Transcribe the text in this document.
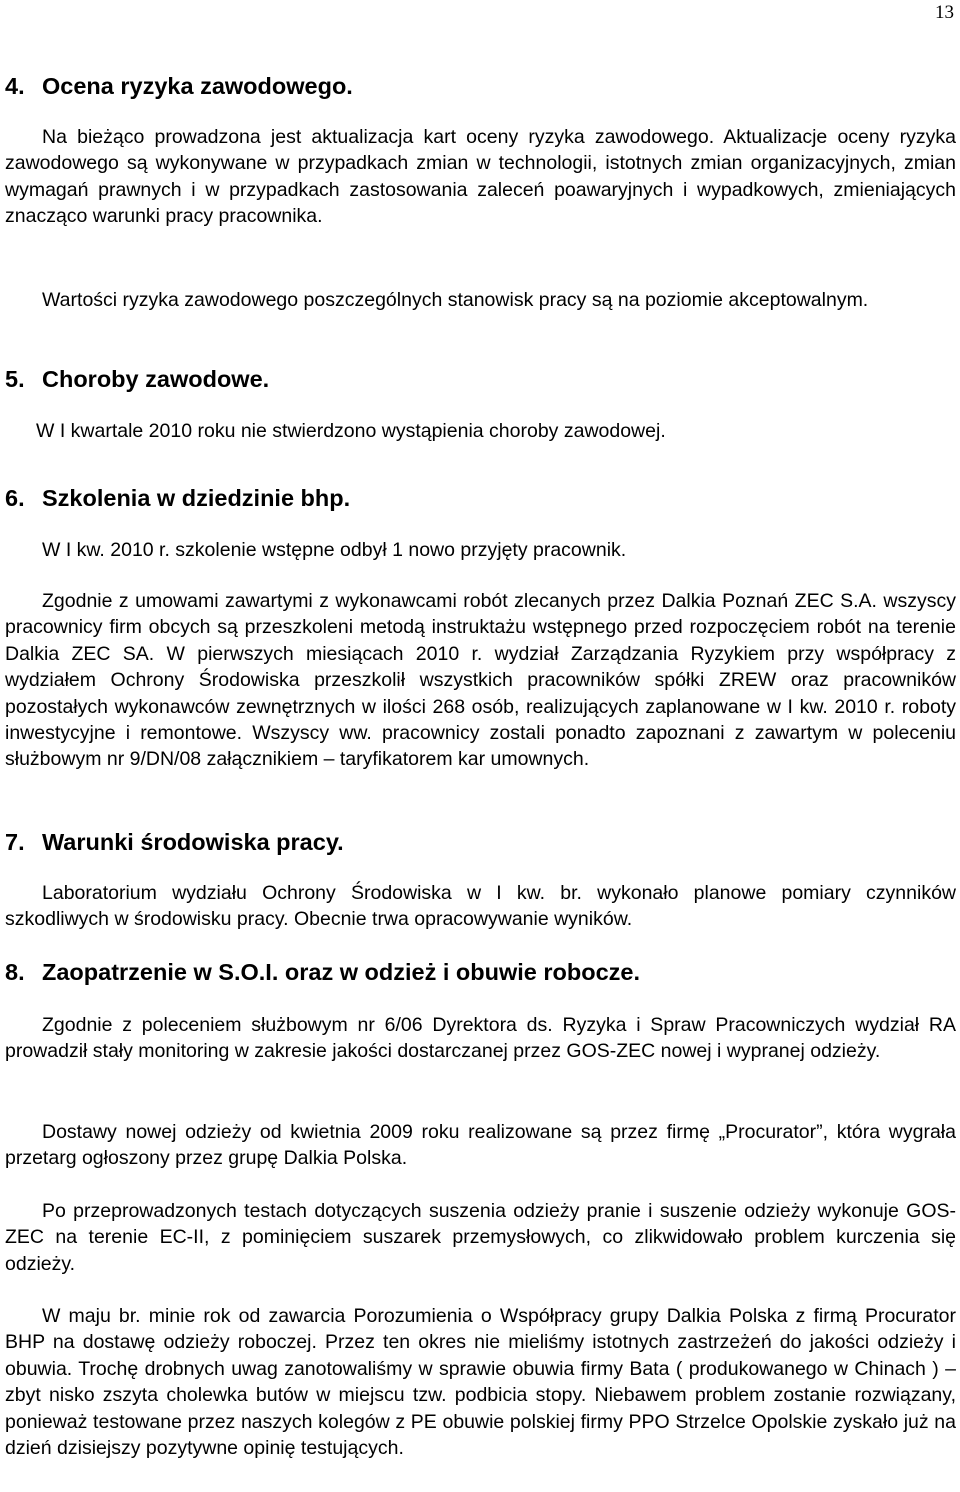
13
4. Ocena ryzyka zawodowego.

Na bieżąco prowadzona jest aktualizacja kart oceny ryzyka zawodowego. Aktualizacje oceny ryzyka zawodowego są wykonywane w przypadkach zmian w technologii, istotnych zmian organizacyjnych, zmian wymagań prawnych i w przypadkach zastosowania zaleceń poawaryjnych i wypadkowych, zmieniających znacząco warunki pracy pracownika.

Wartości ryzyka zawodowego poszczególnych stanowisk pracy są na poziomie akceptowalnym.

5. Choroby zawodowe.

W I kwartale 2010 roku nie stwierdzono wystąpienia choroby zawodowej.

6. Szkolenia w dziedzinie bhp.

W I kw. 2010 r. szkolenie wstępne odbył 1 nowo przyjęty pracownik.

Zgodnie z umowami zawartymi z wykonawcami robót zlecanych przez Dalkia Poznań ZEC S.A. wszyscy pracownicy firm obcych są przeszkoleni metodą instruktażu wstępnego przed rozpoczęciem robót na terenie Dalkia ZEC SA. W pierwszych miesiącach 2010 r. wydział Zarządzania Ryzykiem przy współpracy z wydziałem Ochrony Środowiska przeszkolił wszystkich pracowników spółki ZREW oraz pracowników pozostałych wykonawców zewnętrznych w ilości 268 osób, realizujących zaplanowane w I kw. 2010 r. roboty inwestycyjne i remontowe. Wszyscy ww. pracownicy zostali ponadto zapoznani z zawartym w poleceniu służbowym nr 9/DN/08 załącznikiem – taryfikatorem kar umownych.

7. Warunki środowiska pracy.

Laboratorium wydziału Ochrony Środowiska w I kw. br. wykonało planowe pomiary czynników szkodliwych w środowisku pracy. Obecnie trwa opracowywanie wyników.

8. Zaopatrzenie w S.O.I. oraz w odzież i obuwie robocze.

Zgodnie z poleceniem służbowym nr 6/06 Dyrektora ds. Ryzyka i Spraw Pracowniczych wydział RA prowadził stały monitoring w zakresie jakości dostarczanej przez GOS-ZEC nowej i wypranej odzieży.

Dostawy nowej odzieży od kwietnia 2009 roku realizowane są przez firmę „Procurator”, która wygrała przetarg ogłoszony przez grupę Dalkia Polska.

Po przeprowadzonych testach dotyczących suszenia odzieży pranie i suszenie odzieży wykonuje GOS-ZEC na terenie EC-II, z pominięciem suszarek przemysłowych, co zlikwidowało problem kurczenia się odzieży.

W maju br. minie rok od zawarcia Porozumienia o Współpracy grupy Dalkia Polska z firmą Procurator BHP na dostawę odzieży roboczej. Przez ten okres nie mieliśmy istotnych zastrzeżeń do jakości odzieży i obuwia. Trochę drobnych uwag zanotowaliśmy w sprawie obuwia firmy Bata ( produkowanego w Chinach ) – zbyt nisko zszyta cholewka butów w miejscu tzw. podbicia stopy. Niebawem problem zostanie rozwiązany, ponieważ testowane przez naszych kolegów z PE obuwie polskiej firmy PPO Strzelce Opolskie zyskało już na dzień dzisiejszy pozytywne opinię testujących.
